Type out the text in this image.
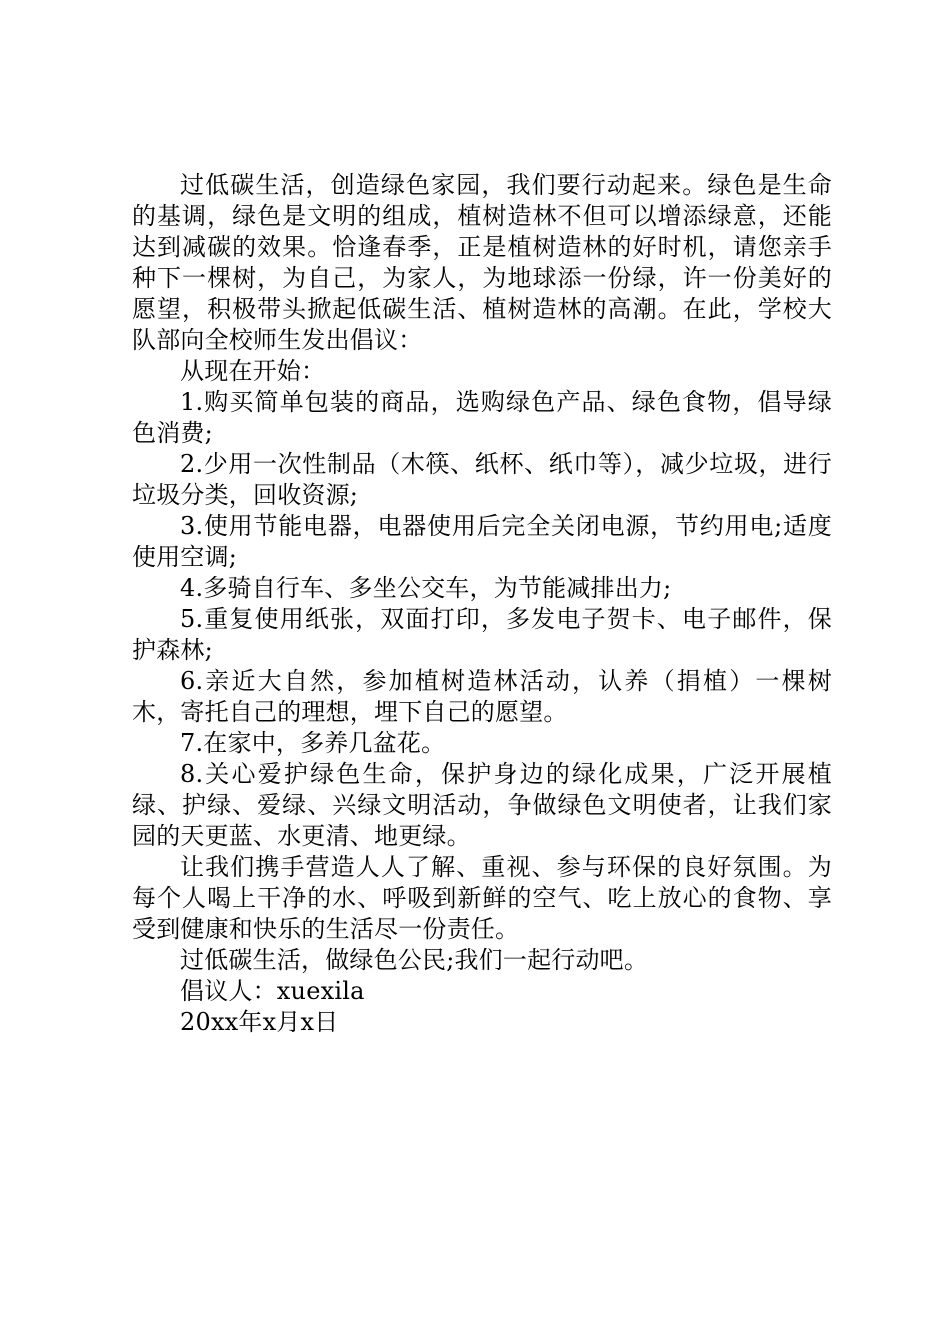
过低碳生活，创造绿色家园，我们要行动起来。绿色是生命的基调，绿色是文明的组成，植树造林不但可以增添绿意，还能达到减碳的效果。恰逢春季，正是植树造林的好时机，请您亲手种下一棵树，为自己，为家人，为地球添一份绿，许一份美好的愿望，积极带头掀起低碳生活、植树造林的高潮。在此，学校大队部向全校师生发出倡议：

从现在开始：

1.购买简单包装的商品，选购绿色产品、绿色食物，倡导绿色消费;

2.少用一次性制品（木筷、纸杯、纸巾等），减少垃圾，进行垃圾分类，回收资源;

3.使用节能电器，电器使用后完全关闭电源，节约用电;适度使用空调;

4.多骑自行车、多坐公交车，为节能减排出力;

5.重复使用纸张，双面打印，多发电子贺卡、电子邮件，保护森林;

6.亲近大自然，参加植树造林活动，认养（捐植）一棵树木，寄托自己的理想，埋下自己的愿望。

7.在家中，多养几盆花。

8.关心爱护绿色生命，保护身边的绿化成果，广泛开展植绿、护绿、爱绿、兴绿文明活动，争做绿色文明使者，让我们家园的天更蓝、水更清、地更绿。

让我们携手营造人人了解、重视、参与环保的良好氛围。为每个人喝上干净的水、呼吸到新鲜的空气、吃上放心的食物、享受到健康和快乐的生活尽一份责任。

过低碳生活，做绿色公民;我们一起行动吧。

倡议人：xuexila

20xx年x月x日
